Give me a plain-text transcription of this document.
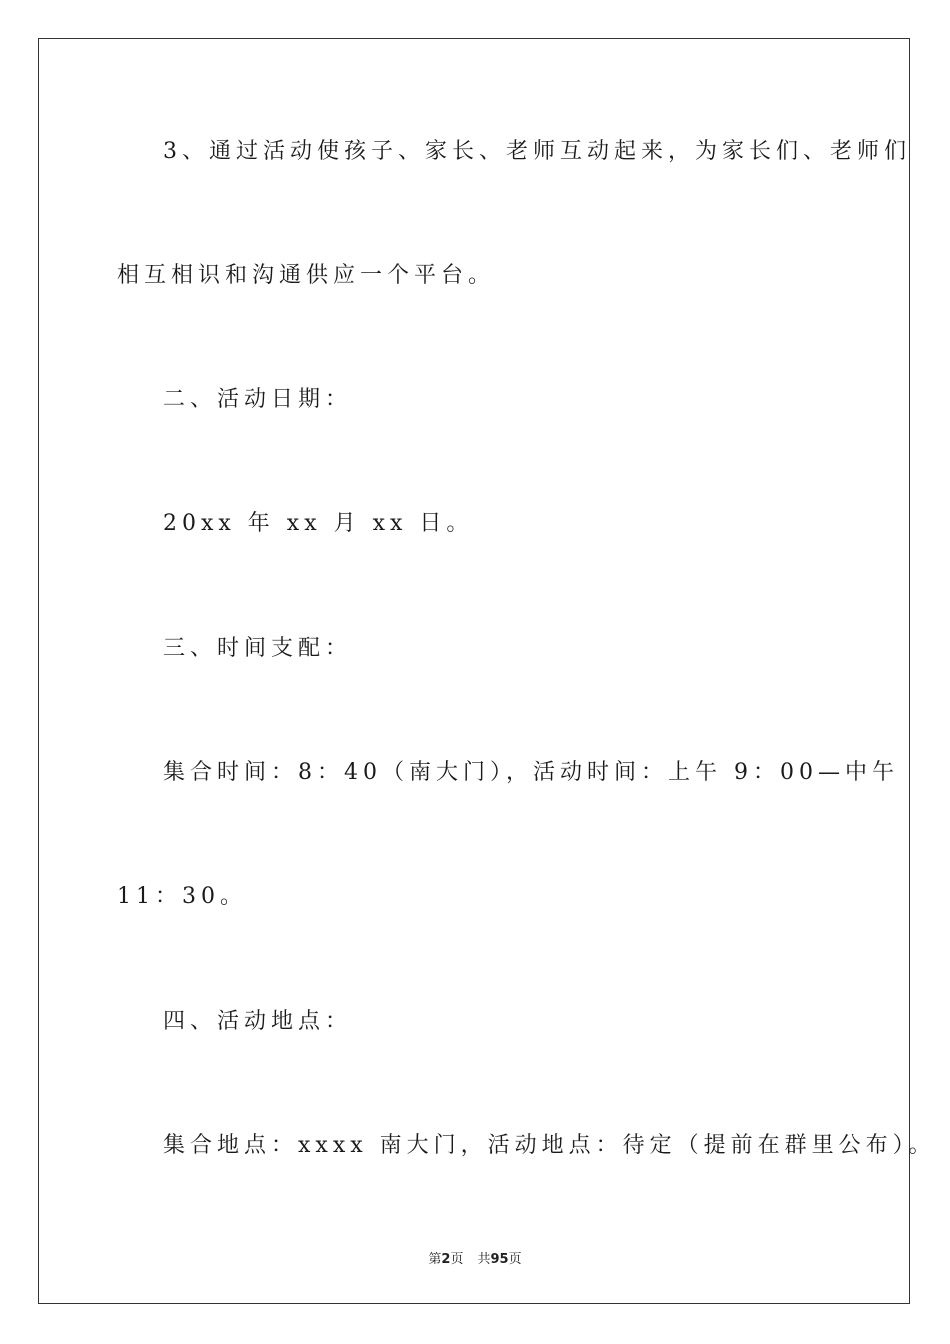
3、通过活动使孩子、家长、老师互动起来，为家长们、老师们
相互相识和沟通供应一个平台。
二、活动日期：
20xx 年 xx 月 xx 日。
三、时间支配：
集合时间：8：40（南大门），活动时间：上午 9：00—中午
11：30。
四、活动地点：
集合地点：xxxx 南大门，活动地点：待定（提前在群里公布）。
第2页 共95页
